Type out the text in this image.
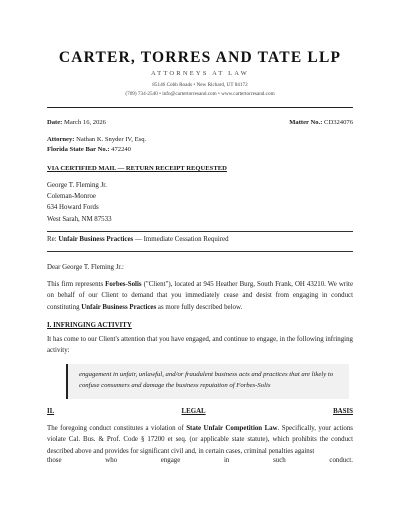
CARTER, TORRES AND TATE LLP
ATTORNEYS AT LAW
85146 Cobb Roads • New Richard, UT 84172
(709) 734-2540 • info@cartertorresand.com • www.cartertorresand.com
Date: March 16, 2026	Matter No.: CD324076
Attorney: Nathan K. Snyder IV, Esq.
Florida State Bar No.: 472240
VIA CERTIFIED MAIL — RETURN RECEIPT REQUESTED
George T. Fleming Jr.
Coleman-Monroe
634 Howard Fords
West Sarah, NM 87533
Re: Unfair Business Practices — Immediate Cessation Required
Dear George T. Fleming Jr.:
This firm represents Forbes-Solis ("Client"), located at 945 Heather Burg, South Frank, OH 43210. We write on behalf of our Client to demand that you immediately cease and desist from engaging in conduct constituting Unfair Business Practices as more fully described below.
I. INFRINGING ACTIVITY
It has come to our Client's attention that you have engaged, and continue to engage, in the following infringing activity:
engagement in unfair, unlawful, and/or fraudulent business acts and practices that are likely to confuse consumers and damage the business reputation of Forbes-Solis
II.	LEGAL	BASIS
The foregoing conduct constitutes a violation of State Unfair Competition Law. Specifically, your actions violate Cal. Bus. & Prof. Code § 17200 et seq. (or applicable state statute), which prohibits the conduct described above and provides for significant civil and, in certain cases, criminal penalties against
those	who	engage	in	such	conduct.
